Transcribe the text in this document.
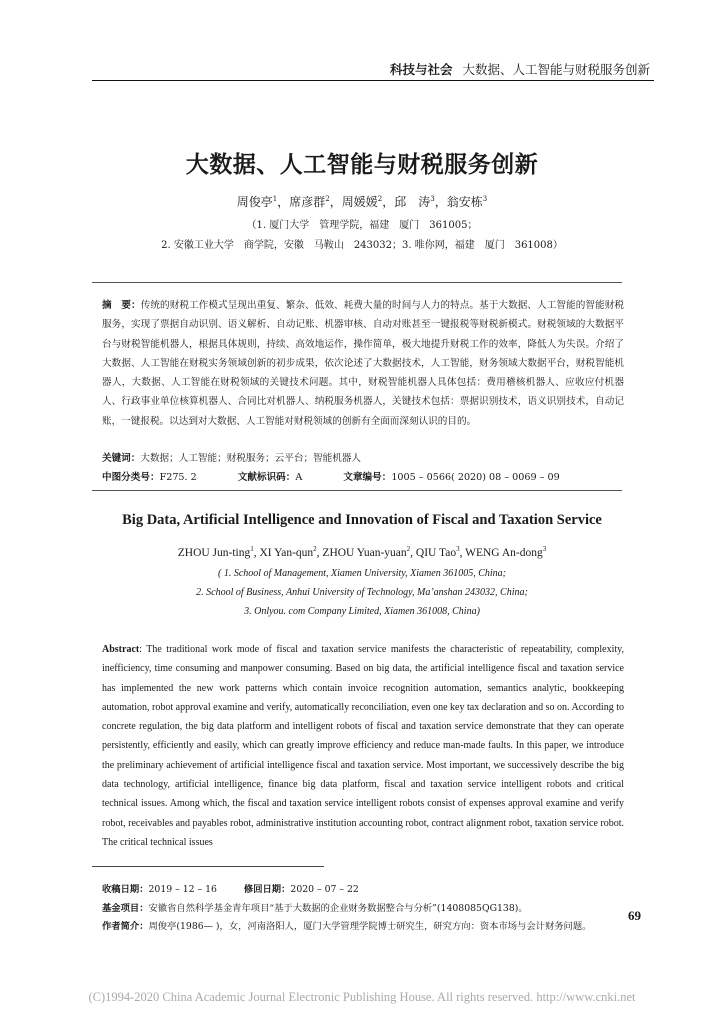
科技与社会 大数据、人工智能与财税服务创新
大数据、人工智能与财税服务创新
周俊亭$^1$，席彦群$^2$，周媛媛$^2$，邱　涛$^3$，翁安栋$^3$
（1. 厦门大学　管理学院，福建　厦门　361005；
2. 安徽工业大学　商学院，安徽　马鞍山　243032；3. 唯你网，福建　厦门　361008）
摘　要：传统的财税工作模式呈现出重复、繁杂、低效、耗费大量的时间与人力的特点。基于大数据、人工智能的智能财税服务，实现了票据自动识别、语义解析、自动记账、机器审核、自动对账甚至一键报税等财税新模式。财税领域的大数据平台与财税智能机器人，根据具体规则，持续、高效地运作，操作简单，极大地提升财税工作的效率，降低人为失误。介绍了大数据、人工智能在财税实务领域创新的初步成果，依次论述了大数据技术，人工智能，财务领域大数据平台，财税智能机器人，大数据、人工智能在财税领域的关键技术问题。其中，财税智能机器人具体包括：费用稽核机器人、应收应付机器人、行政事业单位核算机器人、合同比对机器人、纳税服务机器人，关键技术包括：票据识别技术，语义识别技术，自动记账，一键报税。以达到对大数据、人工智能对财税领域的创新有全面而深刻认识的目的。
关键词：大数据；人工智能；财税服务；云平台；智能机器人
中图分类号：F275. 2	文献标识码：A	文章编号：1005 – 0566( 2020) 08 – 0069 – 09
Big Data, Artificial Intelligence and Innovation of Fiscal and Taxation Service
ZHOU Jun-ting$^1$, XI Yan-qun$^2$, ZHOU Yuan-yuan$^2$, QIU Tao$^3$, WENG An-dong$^3$
( 1. School of Management, Xiamen University, Xiamen 361005, China;
2. School of Business, Anhui University of Technology, Ma’anshan 243032, China;
3. Onlyou. com Company Limited, Xiamen 361008, China)
Abstract: The traditional work mode of fiscal and taxation service manifests the characteristic of repeatability, complexity, inefficiency, time consuming and manpower consuming. Based on big data, the artificial intelligence fiscal and taxation service has implemented the new work patterns which contain invoice recognition automation, semantics analytic, bookkeeping automation, robot approval examine and verify, automatically reconciliation, even one key tax declaration and so on. According to concrete regulation, the big data platform and intelligent robots of fiscal and taxation service demonstrate that they can operate persistently, efficiently and easily, which can greatly improve efficiency and reduce man-made faults. In this paper, we introduce the preliminary achievement of artificial intelligence fiscal and taxation service. Most important, we successively describe the big data technology, artificial intelligence, finance big data platform, fiscal and taxation service intelligent robots and critical technical issues. Among which, the fiscal and taxation service intelligent robots consist of expenses approval examine and verify robot, receivables and payables robot, administrative institution accounting robot, contract alignment robot, taxation service robot. The critical technical issues
收稿日期：2019 – 12 – 16	修回日期：2020 – 07 – 22
基金项目：安徽省自然科学基金青年项目“基于大数据的企业财务数据整合与分析”(1408085QG138)。
作者简介：周俊亭(1986— )，女，河南洛阳人，厦门大学管理学院博士研究生，研究方向：资本市场与会计财务问题。
69
(C)1994-2020 China Academic Journal Electronic Publishing House. All rights reserved. http://www.cnki.net
